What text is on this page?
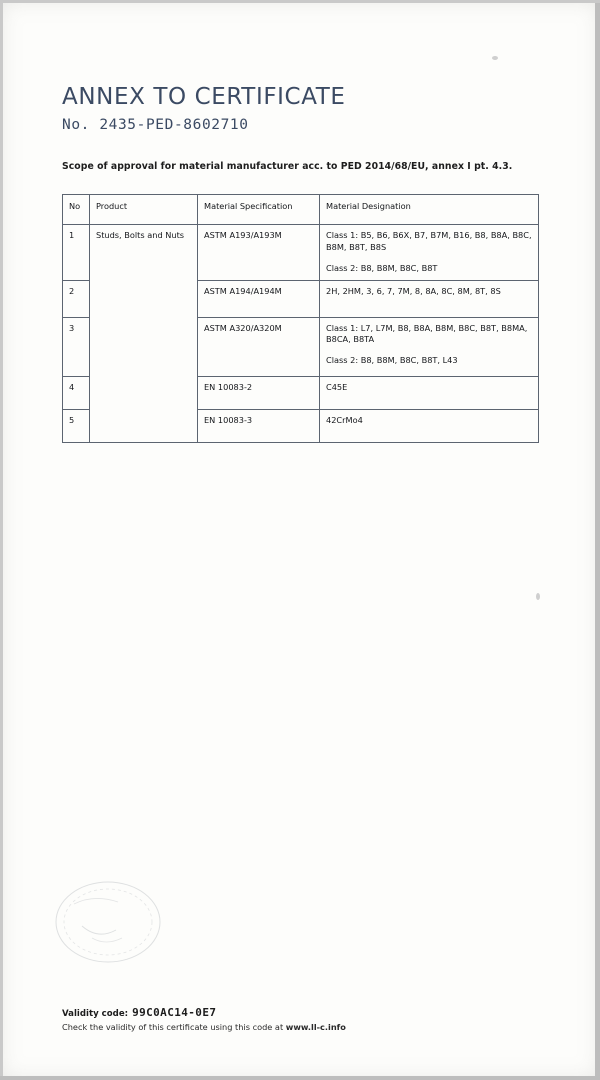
ANNEX TO CERTIFICATE
No. 2435-PED-8602710
Scope of approval for material manufacturer acc. to PED 2014/68/EU, annex I pt. 4.3.
No	Product	Material Specification	Material Designation
1	Studs, Bolts and Nuts	ASTM A193/A193M	Class 1: B5, B6, B6X, B7, B7M, B16, B8, B8A, B8C, B8M, B8T, B8S
Class 2: B8, B8M, B8C, B8T

2		ASTM A194/A194M	2H, 2HM, 3, 6, 7, 7M, 8, 8A, 8C, 8M, 8T, 8S

3		ASTM A320/A320M	Class 1: L7, L7M, B8, B8A, B8M, B8C, B8T, B8MA, B8CA, B8TA
Class 2: B8, B8M, B8C, B8T, L43

4		EN 10083-2	C45E

5		EN 10083-3	42CrMo4
Validity code: 99C0AC14-0E7
Check the validity of this certificate using this code at www.ll-c.info
